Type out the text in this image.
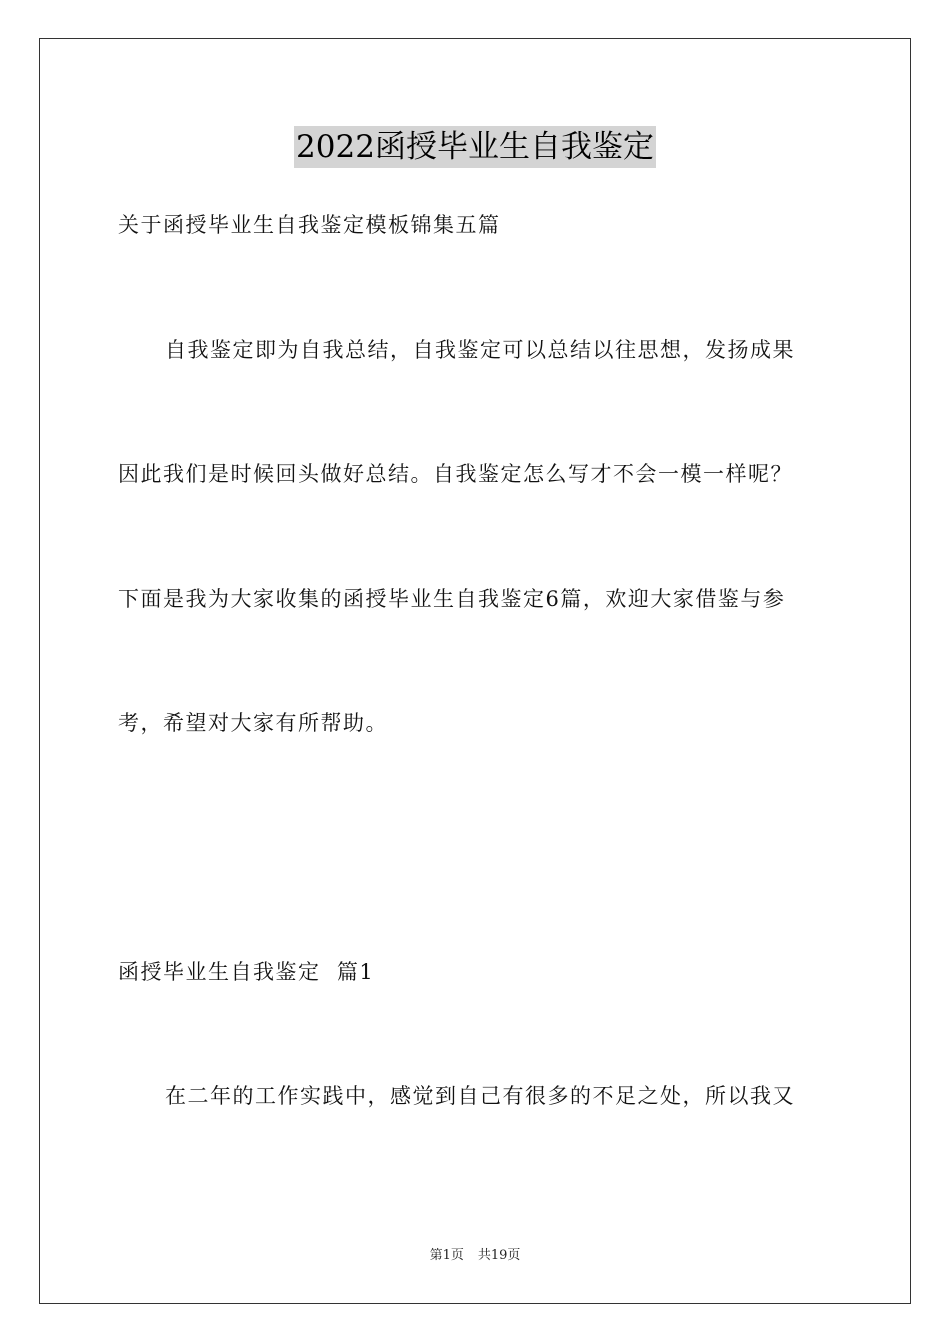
2022函授毕业生自我鉴定
关于函授毕业生自我鉴定模板锦集五篇
自我鉴定即为自我总结，自我鉴定可以总结以往思想，发扬成果
因此我们是时候回头做好总结。自我鉴定怎么写才不会一模一样呢？
下面是我为大家收集的函授毕业生自我鉴定6篇，欢迎大家借鉴与参
考，希望对大家有所帮助。
函授毕业生自我鉴定  篇1
在二年的工作实践中，感觉到自己有很多的不足之处，所以我又
第1页 共19页
